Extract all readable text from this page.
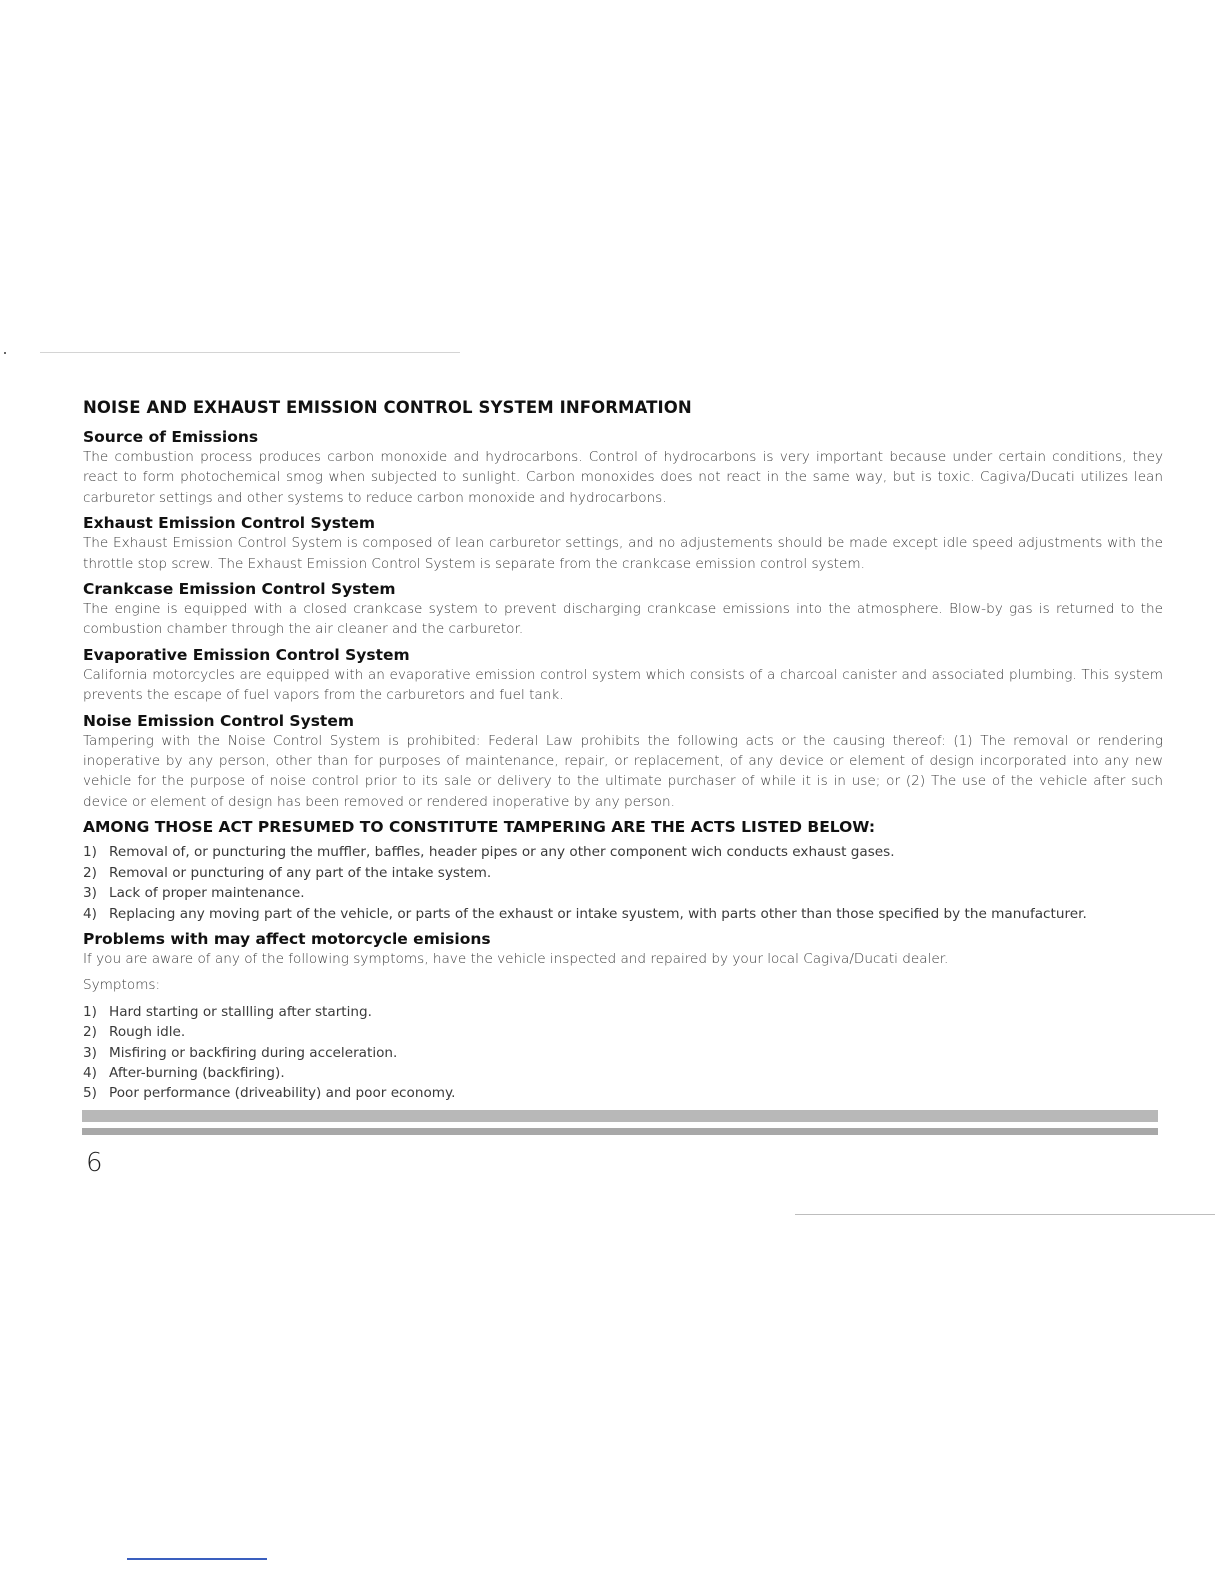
NOISE AND EXHAUST EMISSION CONTROL SYSTEM INFORMATION
Source of Emissions

The combustion process produces carbon monoxide and hydrocarbons. Control of hydrocarbons is very important because under certain conditions, they react to form photochemical smog when subjected to sunlight. Carbon monoxides does not react in the same way, but is toxic. Cagiva/Ducati utilizes lean carburetor settings and other systems to reduce carbon monoxide and hydrocarbons.

Exhaust Emission Control System

The Exhaust Emission Control System is composed of lean carburetor settings, and no adjustements should be made except idle speed adjustments with the throttle stop screw. The Exhaust Emission Control System is separate from the crankcase emission control system.

Crankcase Emission Control System

The engine is equipped with a closed crankcase system to prevent discharging crankcase emissions into the atmosphere. Blow-by gas is returned to the combustion chamber through the air cleaner and the carburetor.

Evaporative Emission Control System

California motorcycles are equipped with an evaporative emission control system which consists of a charcoal canister and associated plumbing. This system prevents the escape of fuel vapors from the carburetors and fuel tank.

Noise Emission Control System

Tampering with the Noise Control System is prohibited: Federal Law prohibits the following acts or the causing thereof: (1) The removal or rendering inoperative by any person, other than for purposes of maintenance, repair, or replacement, of any device or element of design incorporated into any new vehicle for the purpose of noise control prior to its sale or delivery to the ultimate purchaser of while it is in use; or (2) The use of the vehicle after such device or element of design has been removed or rendered inoperative by any person.

AMONG THOSE ACT PRESUMED TO CONSTITUTE TAMPERING ARE THE ACTS LISTED BELOW:
1) Removal of, or puncturing the muffler, baffles, header pipes or any other component wich conducts exhaust gases.
2) Removal or puncturing of any part of the intake system.
3) Lack of proper maintenance.
4) Replacing any moving part of the vehicle, or parts of the exhaust or intake syustem, with parts other than those specified by the manufacturer.
Problems with may affect motorcycle emisions

If you are aware of any of the following symptoms, have the vehicle inspected and repaired by your local Cagiva/Ducati dealer.

Symptoms:

1) Hard starting or stallling after starting.
2) Rough idle.
3) Misfiring or backfiring during acceleration.
4) After-burning (backfiring).
5) Poor performance (driveability) and poor economy.
6
